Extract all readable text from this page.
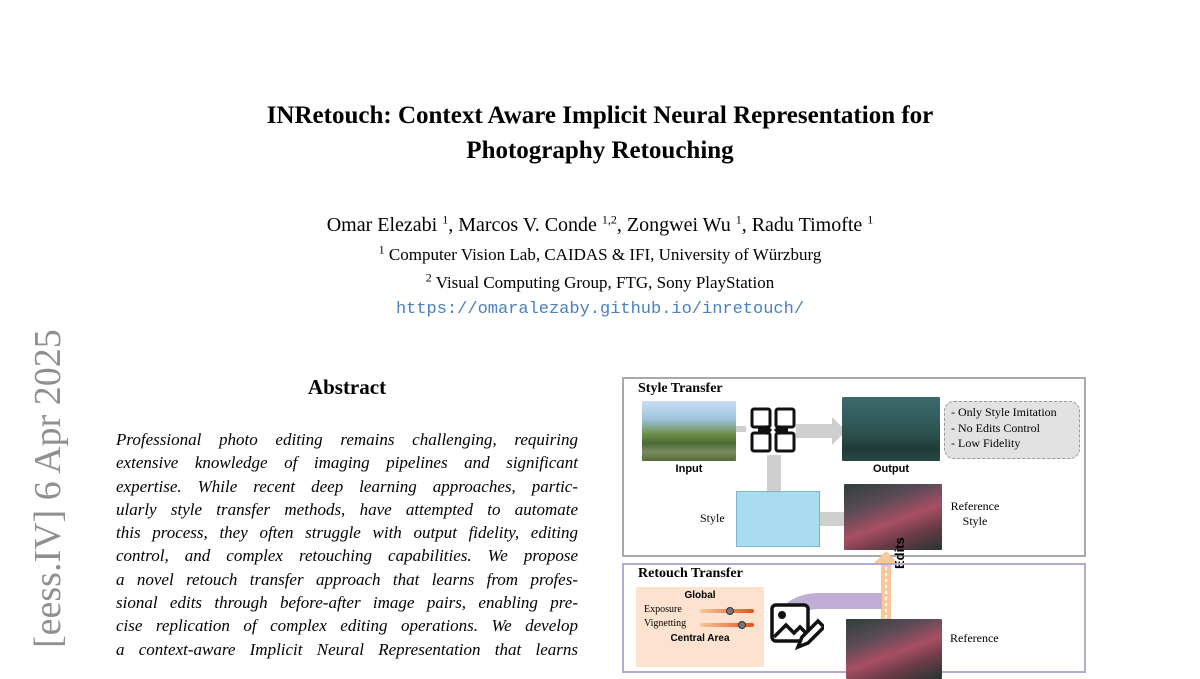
INRetouch: Context Aware Implicit Neural Representation for
Photography Retouching
Omar Elezabi $^1$, Marcos V. Conde $^{1,2}$, Zongwei Wu $^1$, Radu Timofte $^1$
$^1$ Computer Vision Lab, CAIDAS & IFI, University of Würzburg
$^2$ Visual Computing Group, FTG, Sony PlayStation
https://omaralezaby.github.io/inretouch/
[eess.IV] 6 Apr 2025	Abstract
Professional photo editing remains challenging, requiring
extensive knowledge of imaging pipelines and significant
expertise. While recent deep learning approaches, partic-
ularly style transfer methods, have attempted to automate
this process, they often struggle with output fidelity, editing
control, and complex retouching capabilities. We propose
a novel retouch transfer approach that learns from profes-
sional edits through before-after image pairs, enabling pre-
cise replication of complex editing operations. We develop
a context-aware Implicit Neural Representation that learns
Style Transfer
Input	Output
- Only Style Imitation
- No Edits Control
- Low Fidelity
Style
Reference
Style
Edits
Retouch Transfer
Global
Exposure
Vignetting
Central Area	Reference
